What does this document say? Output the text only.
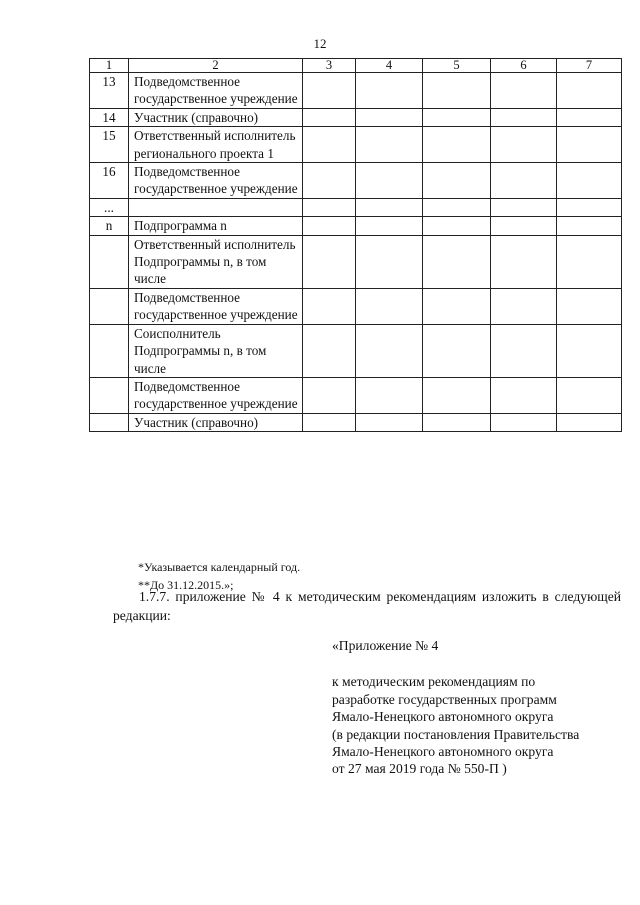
12
1	2	3	4	5	6	7
13	Подведомственное государственное учреждение					
14	Участник (справочно)					
15	Ответственный исполнитель регионального проекта 1					
16	Подведомственное государственное учреждение					
...						
n	Подпрограмма n					
	Ответственный исполнитель Подпрограммы n, в том числе					
	Подведомственное государственное учреждение					
	Соисполнитель Подпрограммы n, в том числе					
	Подведомственное государственное учреждение					
	Участник (справочно)					
*Указывается календарный год.
**До 31.12.2015.»;
1.7.7. приложение № 4 к методическим рекомендациям изложить в следующей редакции:
«Приложение № 4
к методическим рекомендациям по
разработке государственных программ
Ямало-Ненецкого автономного округа
(в редакции постановления Правительства
Ямало-Ненецкого автономного округа
от 27 мая 2019 года № 550-П )
